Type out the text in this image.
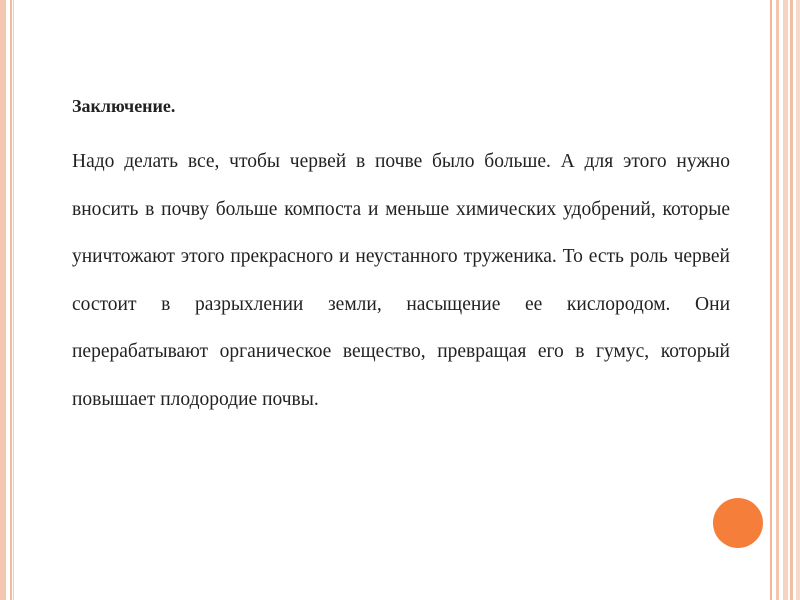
Заключение.

Надо делать все, чтобы червей в почве было больше. А для этого нужно вносить в почву больше компоста и меньше химических удобрений, которые уничтожают этого прекрасного и неустанного труженика. То есть роль червей состоит в разрыхлении земли, насыщение ее кислородом. Они перерабатывают органическое вещество, превращая его в гумус, который  повышает плодородие почвы.
